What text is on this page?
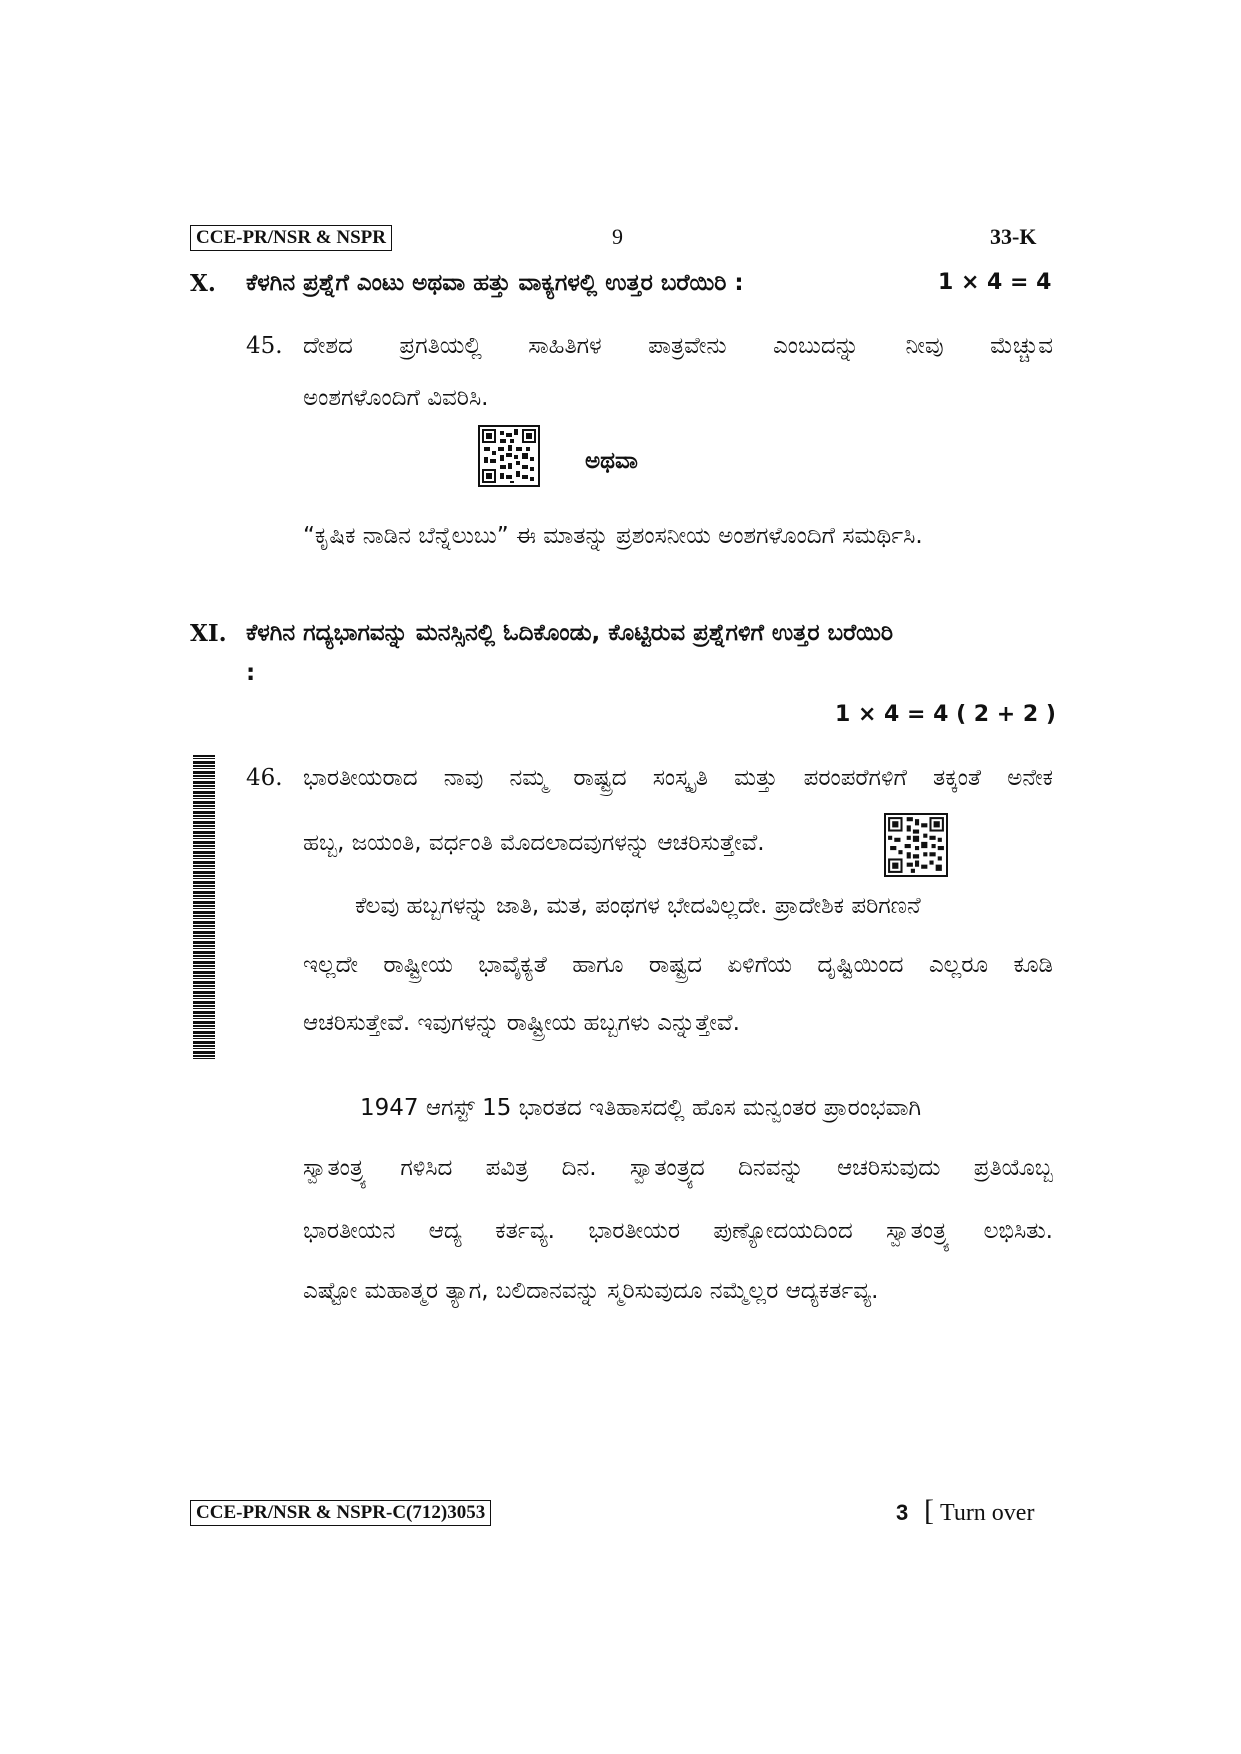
CCE-PR/NSR & NSPR	9	33-K
X. ಕೆಳಗಿನ ಪ್ರಶ್ನೆಗೆ ಎಂಟು ಅಥವಾ ಹತ್ತು ವಾಕ್ಯಗಳಲ್ಲಿ ಉತ್ತರ ಬರೆಯಿರಿ :	1 × 4 = 4
45. ದೇಶದ ಪ್ರಗತಿಯಲ್ಲಿ ಸಾಹಿತಿಗಳ ಪಾತ್ರವೇನು ಎಂಬುದನ್ನು ನೀವು ಮೆಚ್ಚುವ
ಅಂಶಗಳೊಂದಿಗೆ ವಿವರಿಸಿ.
ಅಥವಾ
“ಕೃಷಿಕ ನಾಡಿನ ಬೆನ್ನೆಲುಬು” ಈ ಮಾತನ್ನು ಪ್ರಶಂಸನೀಯ ಅಂಶಗಳೊಂದಿಗೆ ಸಮರ್ಥಿಸಿ.
XI. ಕೆಳಗಿನ ಗದ್ಯಭಾಗವನ್ನು ಮನಸ್ಸಿನಲ್ಲಿ ಓದಿಕೊಂಡು, ಕೊಟ್ಟಿರುವ ಪ್ರಶ್ನೆಗಳಿಗೆ ಉತ್ತರ ಬರೆಯಿರಿ
:
1 × 4 = 4 ( 2 + 2 )
46. ಭಾರತೀಯರಾದ ನಾವು ನಮ್ಮ ರಾಷ್ಟ್ರದ ಸಂಸ್ಕೃತಿ ಮತ್ತು ಪರಂಪರೆಗಳಿಗೆ ತಕ್ಕಂತೆ ಅನೇಕ
ಹಬ್ಬ, ಜಯಂತಿ, ವರ್ಧಂತಿ ಮೊದಲಾದವುಗಳನ್ನು ಆಚರಿಸುತ್ತೇವೆ.
ಕೆಲವು ಹಬ್ಬಗಳನ್ನು ಜಾತಿ, ಮತ, ಪಂಥಗಳ ಭೇದವಿಲ್ಲದೇ. ಪ್ರಾದೇಶಿಕ ಪರಿಗಣನೆ
ಇಲ್ಲದೇ ರಾಷ್ಟ್ರೀಯ ಭಾವೈಕ್ಯತೆ ಹಾಗೂ ರಾಷ್ಟ್ರದ ಏಳಿಗೆಯ ದೃಷ್ಟಿಯಿಂದ ಎಲ್ಲರೂ ಕೂಡಿ
ಆಚರಿಸುತ್ತೇವೆ. ಇವುಗಳನ್ನು ರಾಷ್ಟ್ರೀಯ ಹಬ್ಬಗಳು ಎನ್ನುತ್ತೇವೆ.
1947 ಆಗಸ್ಟ್ 15 ಭಾರತದ ಇತಿಹಾಸದಲ್ಲಿ ಹೊಸ ಮನ್ವಂತರ ಪ್ರಾರಂಭವಾಗಿ
ಸ್ವಾತಂತ್ರ್ಯ ಗಳಿಸಿದ ಪವಿತ್ರ ದಿನ. ಸ್ವಾತಂತ್ರ್ಯದ ದಿನವನ್ನು ಆಚರಿಸುವುದು ಪ್ರತಿಯೊಬ್ಬ
ಭಾರತೀಯನ ಆದ್ಯ ಕರ್ತವ್ಯ. ಭಾರತೀಯರ ಪುಣ್ಯೋದಯದಿಂದ ಸ್ವಾತಂತ್ರ್ಯ ಲಭಿಸಿತು.
ಎಷ್ಟೋ ಮಹಾತ್ಮರ ತ್ಯಾಗ, ಬಲಿದಾನವನ್ನು ಸ್ಮರಿಸುವುದೂ ನಮ್ಮೆಲ್ಲರ ಆದ್ಯಕರ್ತವ್ಯ.
CCE-PR/NSR & NSPR-C(712)3053	3 [ Turn over
